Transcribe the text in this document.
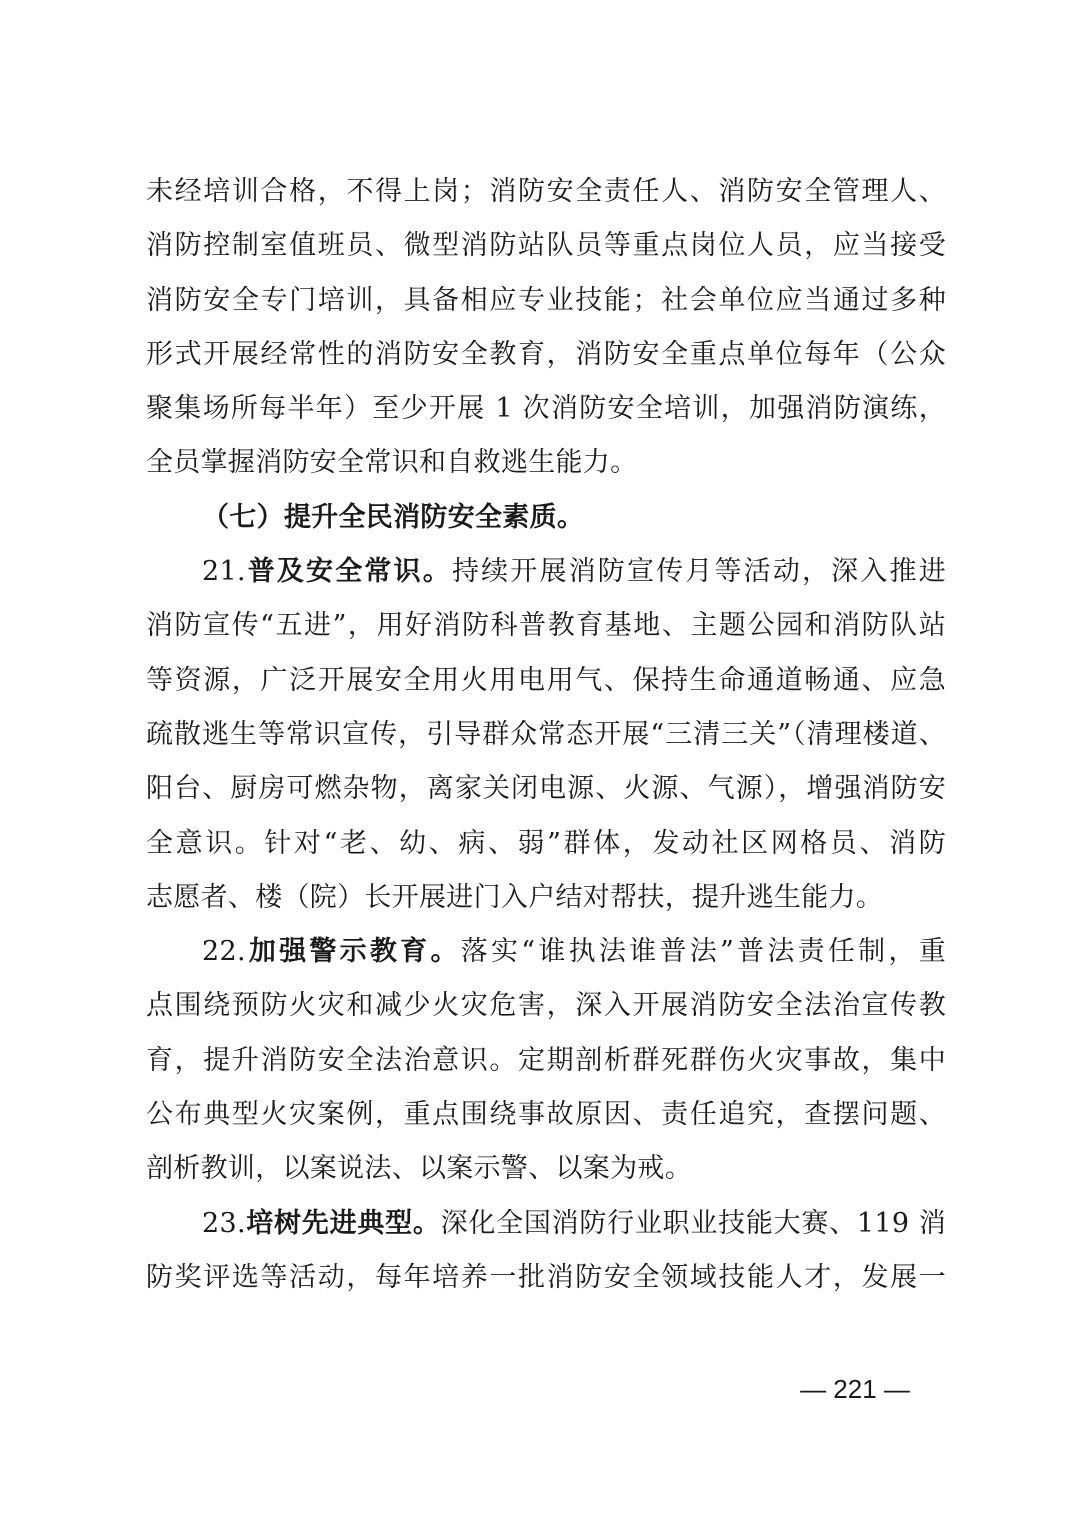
未经培训合格，不得上岗；消防安全责任人、消防安全管理人、
消防控制室值班员、微型消防站队员等重点岗位人员，应当接受
消防安全专门培训，具备相应专业技能；社会单位应当通过多种
形式开展经常性的消防安全教育，消防安全重点单位每年（公众
聚集场所每半年）至少开展 1 次消防安全培训，加强消防演练，
全员掌握消防安全常识和自救逃生能力。
（七）提升全民消防安全素质。
21.普及安全常识。持续开展消防宣传月等活动，深入推进
消防宣传“五进”，用好消防科普教育基地、主题公园和消防队站
等资源，广泛开展安全用火用电用气、保持生命通道畅通、应急
疏散逃生等常识宣传，引导群众常态开展“三清三关”（清理楼道、
阳台、厨房可燃杂物，离家关闭电源、火源、气源），增强消防安
全意识。针对“老、幼、病、弱”群体，发动社区网格员、消防
志愿者、楼（院）长开展进门入户结对帮扶，提升逃生能力。
22.加强警示教育。落实“谁执法谁普法”普法责任制，重
点围绕预防火灾和减少火灾危害，深入开展消防安全法治宣传教
育，提升消防安全法治意识。定期剖析群死群伤火灾事故，集中
公布典型火灾案例，重点围绕事故原因、责任追究，查摆问题、
剖析教训，以案说法、以案示警、以案为戒。
23.培树先进典型。深化全国消防行业职业技能大赛、119 消
防奖评选等活动，每年培养一批消防安全领域技能人才，发展一
— 221 —
